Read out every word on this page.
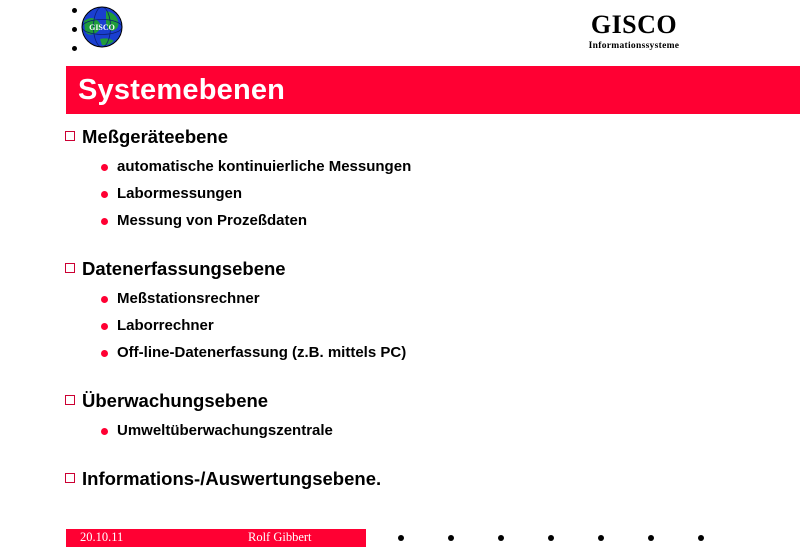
GISCO	GISCO
Informationssysteme
Systemebenen
Meßgeräteebene
automatische kontinuierliche Messungen
Labormessungen
Messung von Prozeßdaten
Datenerfassungsebene
Meßstationsrechner
Laborrechner
Off-line-Datenerfassung (z.B. mittels PC)
Überwachungsebene
Umweltüberwachungszentrale
Informations-/Auswertungsebene.
20.10.11	Rolf Gibbert
